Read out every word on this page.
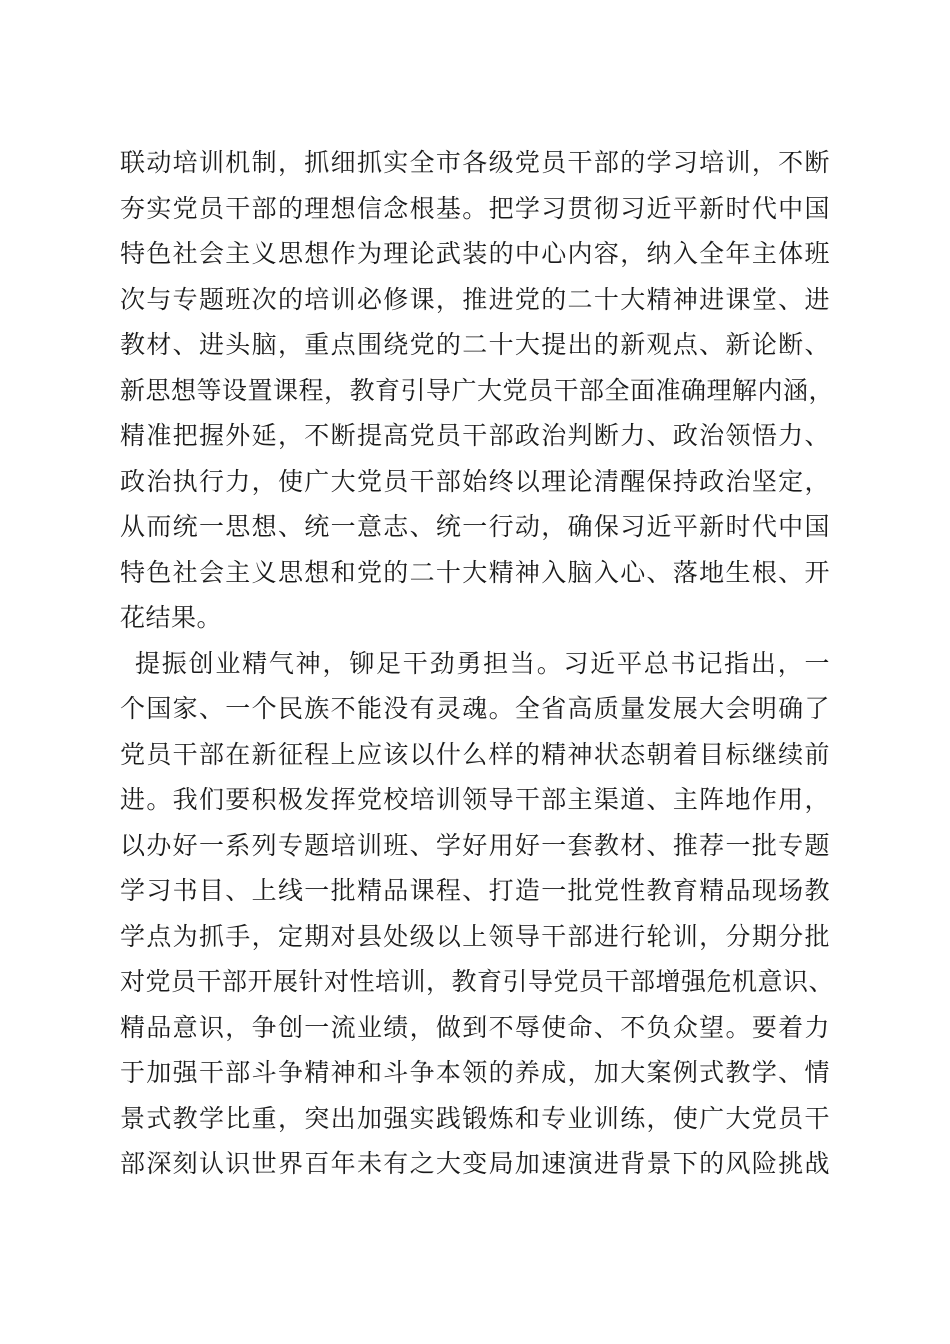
联动培训机制，抓细抓实全市各级党员干部的学习培训，不断
夯实党员干部的理想信念根基。把学习贯彻习近平新时代中国
特色社会主义思想作为理论武装的中心内容，纳入全年主体班
次与专题班次的培训必修课，推进党的二十大精神进课堂、进
教材、进头脑，重点围绕党的二十大提出的新观点、新论断、
新思想等设置课程，教育引导广大党员干部全面准确理解内涵，
精准把握外延，不断提高党员干部政治判断力、政治领悟力、
政治执行力，使广大党员干部始终以理论清醒保持政治坚定，
从而统一思想、统一意志、统一行动，确保习近平新时代中国
特色社会主义思想和党的二十大精神入脑入心、落地生根、开
花结果。
提振创业精气神，铆足干劲勇担当。习近平总书记指出，一
个国家、一个民族不能没有灵魂。全省高质量发展大会明确了
党员干部在新征程上应该以什么样的精神状态朝着目标继续前
进。我们要积极发挥党校培训领导干部主渠道、主阵地作用，
以办好一系列专题培训班、学好用好一套教材、推荐一批专题
学习书目、上线一批精品课程、打造一批党性教育精品现场教
学点为抓手，定期对县处级以上领导干部进行轮训，分期分批
对党员干部开展针对性培训，教育引导党员干部增强危机意识、
精品意识，争创一流业绩，做到不辱使命、不负众望。要着力
于加强干部斗争精神和斗争本领的养成，加大案例式教学、情
景式教学比重，突出加强实践锻炼和专业训练，使广大党员干
部深刻认识世界百年未有之大变局加速演进背景下的风险挑战
